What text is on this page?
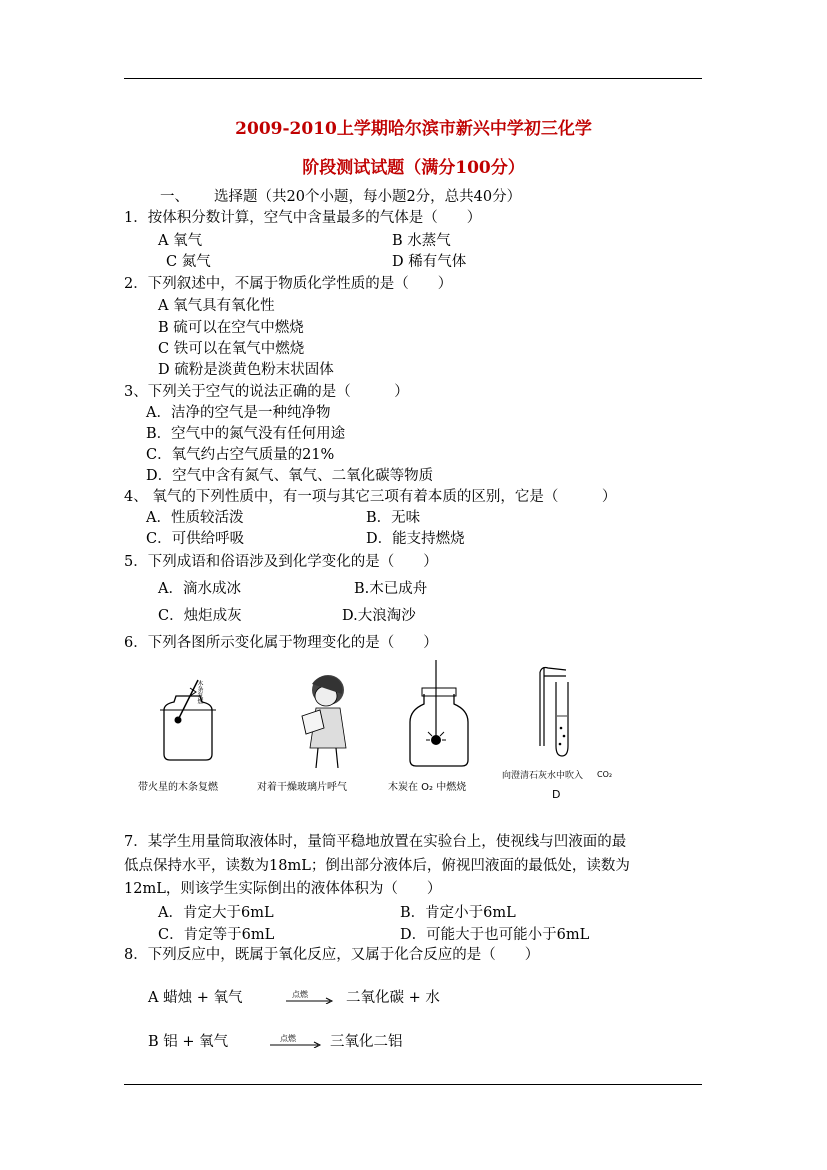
2009-2010上学期哈尔滨市新兴中学初三化学
阶段测试试题（满分100分）
一、 选择题（共20个小题，每小题2分，总共40分）
1．按体积分数计算，空气中含量最多的气体是（　　）
A 氧气	B 水蒸气
C 氮气	D 稀有气体
2．下列叙述中，不属于物质化学性质的是（　　）
A 氧气具有氧化性
B 硫可以在空气中燃烧
C 铁可以在氧气中燃烧
D 硫粉是淡黄色粉末状固体
3、下列关于空气的说法正确的是（　　　）
A．洁净的空气是一种纯净物
B．空气中的氮气没有任何用途
C．氧气约占空气质量的21%
D．空气中含有氮气、氧气、二氧化碳等物质
4、 氧气的下列性质中，有一项与其它三项有着本质的区别，它是（　　　）
A．性质较活泼	B．无味
C．可供给呼吸	D．能支持燃烧
5．下列成语和俗语涉及到化学变化的是（　　）
A．滴水成冰	B.木已成舟
C．烛炬成灰	D.大浪淘沙
6．下列各图所示变化属于物理变化的是（　　）
木条复燃
带火星的木条复燃	对着干燥玻璃片呼气	木炭在 O₂ 中燃烧
向澄清石灰水中吹入 CO₂
D
7．某学生用量筒取液体时，量筒平稳地放置在实验台上，使视线与凹液面的最
低点保持水平，读数为18mL；倒出部分液体后，俯视凹液面的最低处，读数为
12mL，则该学生实际倒出的液体体积为（　　）
A．肯定大于6mL	B．肯定小于6mL
C．肯定等于6mL	D．可能大于也可能小于6mL
8．下列反应中，既属于氧化反应，又属于化合反应的是（　　）
A 蜡烛 + 氧气	点燃	二氧化碳 + 水
B 铝 + 氧气	点燃 三氧化二铝
